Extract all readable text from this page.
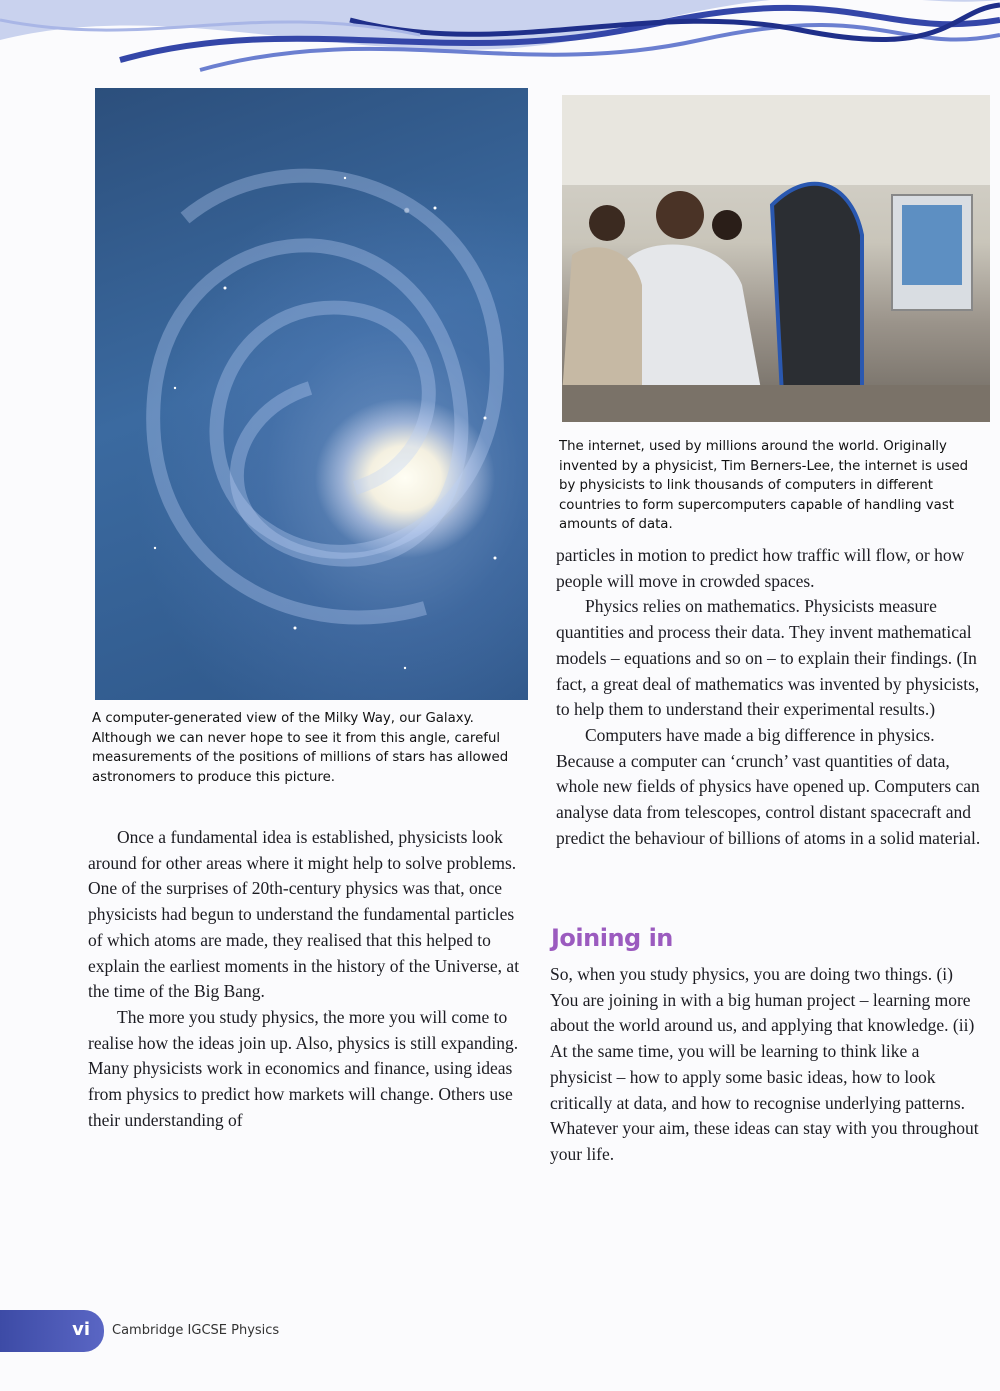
A computer-generated view of the Milky Way, our Galaxy. Although we can never hope to see it from this angle, careful measurements of the positions of millions of stars has allowed astronomers to produce this picture.
The internet, used by millions around the world. Originally invented by a physicist, Tim Berners-Lee, the internet is used by physicists to link thousands of computers in different countries to form supercomputers capable of handling vast amounts of data.

Once a fundamental idea is established, physicists look around for other areas where it might help to solve problems. One of the surprises of 20th-century physics was that, once physicists had begun to understand the fundamental particles of which atoms are made, they realised that this helped to explain the earliest moments in the history of the Universe, at the time of the Big Bang.

The more you study physics, the more you will come to realise how the ideas join up. Also, physics is still expanding. Many physicists work in economics and finance, using ideas from physics to predict how markets will change. Others use their understanding of

particles in motion to predict how traffic will flow, or how people will move in crowded spaces.

Physics relies on mathematics. Physicists measure quantities and process their data. They invent mathematical models – equations and so on – to explain their findings. (In fact, a great deal of mathematics was invented by physicists, to help them to understand their experimental results.)

Computers have made a big difference in physics. Because a computer can ‘crunch’ vast quantities of data, whole new fields of physics have opened up. Computers can analyse data from telescopes, control distant spacecraft and predict the behaviour of billions of atoms in a solid material.

Joining in

So, when you study physics, you are doing two things. (i) You are joining in with a big human project – learning more about the world around us, and applying that knowledge. (ii) At the same time, you will be learning to think like a physicist – how to apply some basic ideas, how to look critically at data, and how to recognise underlying patterns. Whatever your aim, these ideas can stay with you throughout your life.

vi Cambridge IGCSE Physics
